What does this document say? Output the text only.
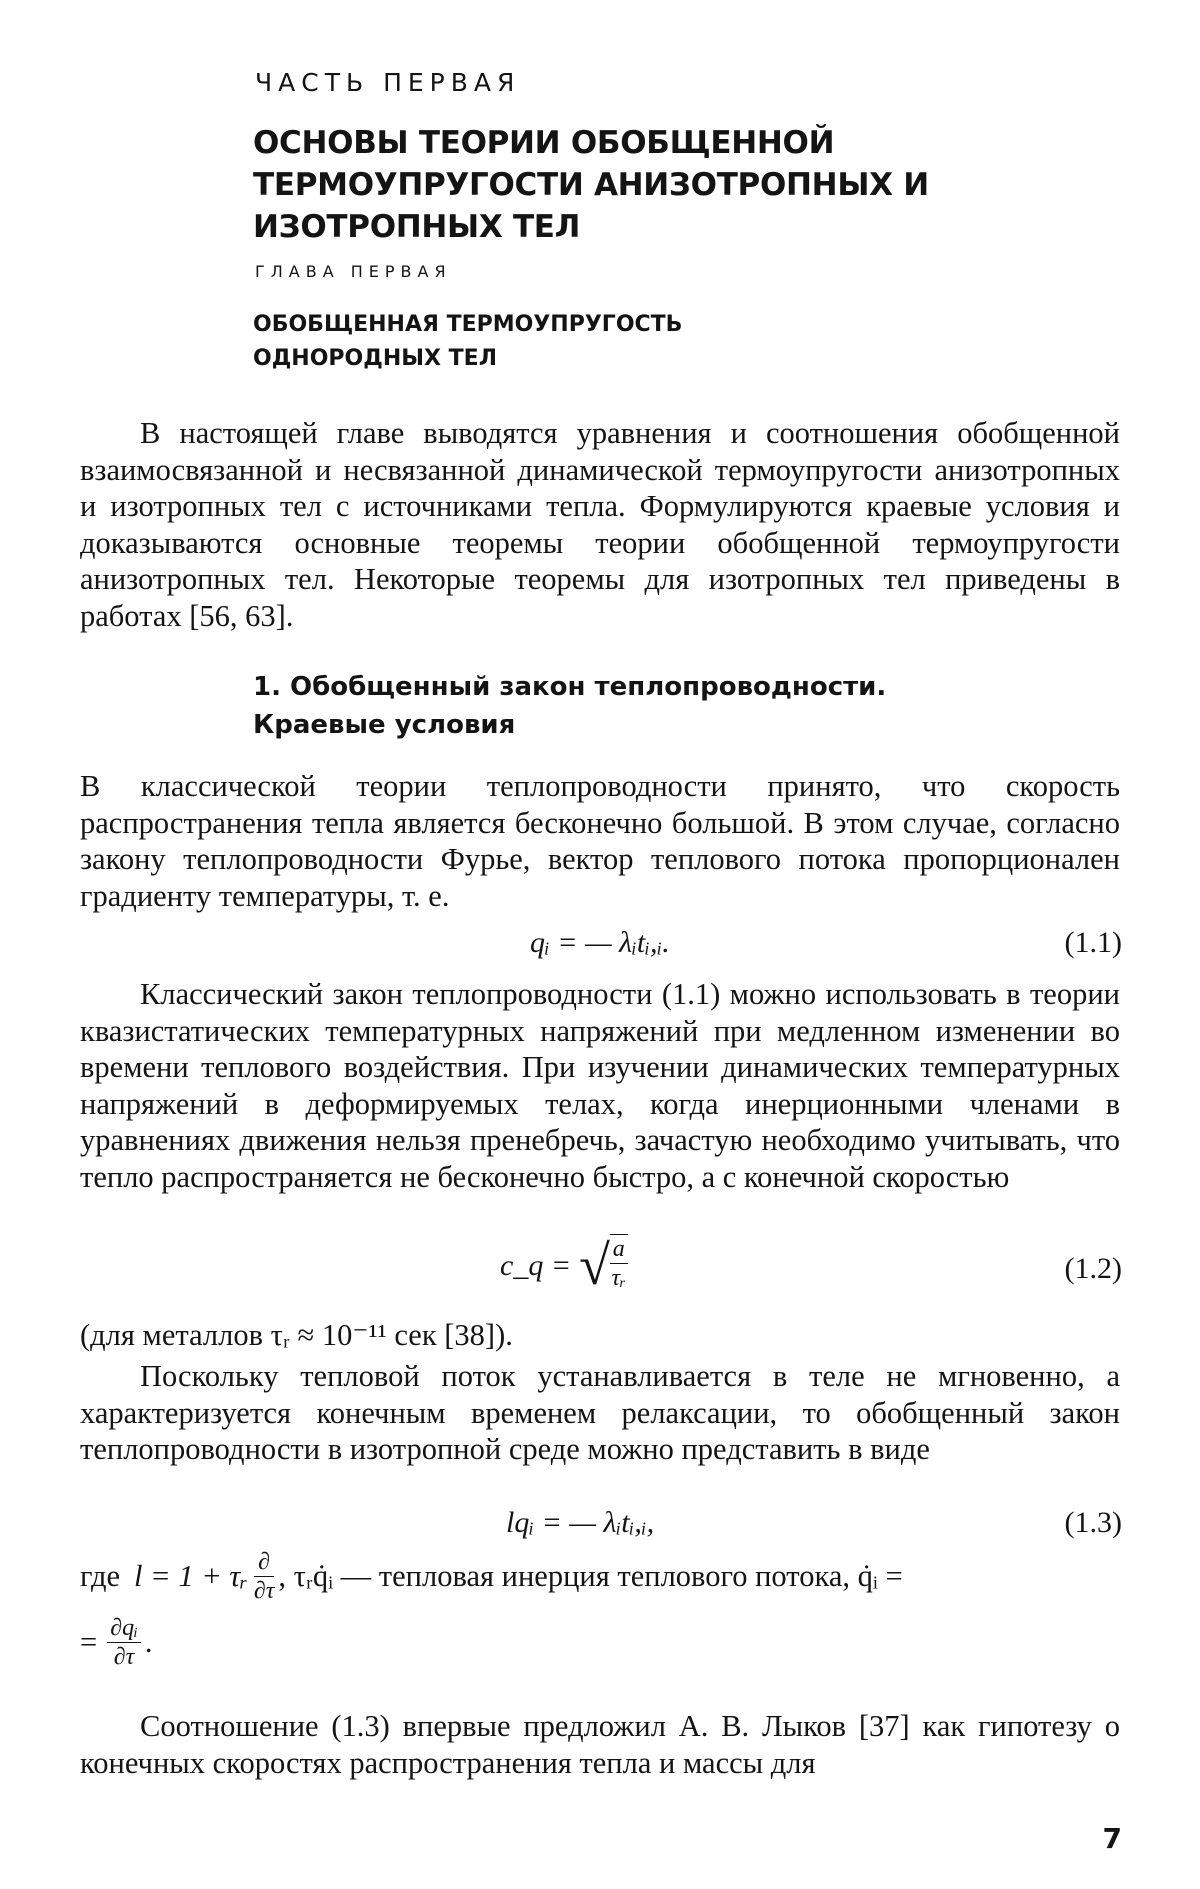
ЧАСТЬ ПЕРВАЯ
ОСНОВЫ ТЕОРИИ ОБОБЩЕННОЙ ТЕРМОУПРУГОСТИ АНИЗОТРОПНЫХ И ИЗОТРОПНЫХ ТЕЛ
ГЛАВА ПЕРВАЯ
ОБОБЩЕННАЯ ТЕРМОУПРУГОСТЬ
ОДНОРОДНЫХ ТЕЛ
В настоящей главе выводятся уравнения и соотношения обобщенной взаимосвязанной и несвязанной динамической термоупругости анизотропных и изотропных тел с источниками тепла. Формулируются краевые условия и доказываются основные теоремы теории обобщенной термоупругости анизотропных тел. Некоторые теоремы для изотропных тел приведены в работах [56, 63].
1. Обобщенный закон теплопроводности.
Краевые условия
В классической теории теплопроводности принято, что скорость распространения тепла является бесконечно большой. В этом случае, согласно закону теплопроводности Фурье, вектор теплового потока пропорционален градиенту температуры, т. е.
qᵢ = — λᵢtᵢ,ᵢ.	(1.1)
Классический закон теплопроводности (1.1) можно использовать в теории квазистатических температурных напряжений при медленном изменении во времени теплового воздействия. При изучении динамических температурных напряжений в деформируемых телах, когда инерционными членами в уравнениях движения нельзя пренебречь, зачастую необходимо учитывать, что тепло распространяется не бесконечно быстро, а с конечной скоростью
c_q = √ $\frac{a}{\text{τᵣ}}$	(1.2)
(для металлов τᵣ ≈ 10⁻¹¹ сек [38]).
Поскольку тепловой поток устанавливается в теле не мгновенно, а характеризуется конечным временем релаксации, то обобщенный закон теплопроводности в изотропной среде можно представить в виде
lqᵢ = — λᵢtᵢ,ᵢ,	(1.3)
где l = 1 + τᵣ $\frac{\partial}{\partial\tau}$ , τᵣq̇ᵢ — тепловая инерция теплового потока, q̇ᵢ =
= $\frac{\text{∂qᵢ}}{\partial\tau}$ .
Соотношение (1.3) впервые предложил А. В. Лыков [37] как гипотезу о конечных скоростях распространения тепла и массы для
7
